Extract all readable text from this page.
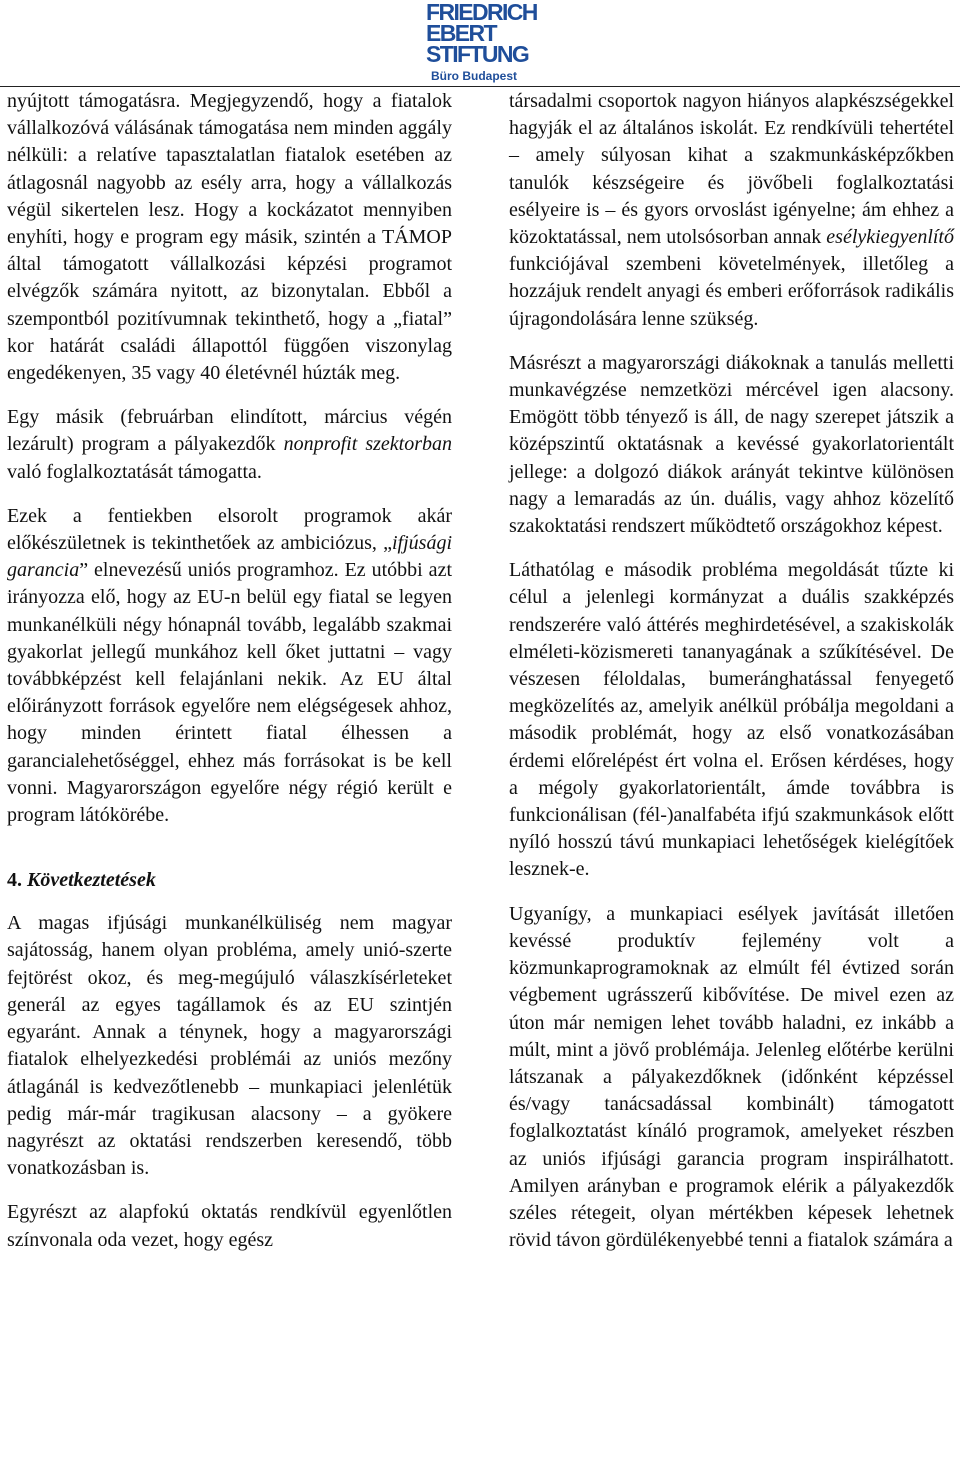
FRIEDRICH
EBERT
STIFTUNG
Büro Budapest

nyújtott támogatásra. Megjegyzendő, hogy a fiatalok vállalkozóvá válásának támogatása nem minden aggály nélküli: a relatíve tapasztalatlan fiatalok esetében az átlagosnál nagyobb az esély arra, hogy a vállalkozás végül sikertelen lesz. Hogy a kockázatot mennyiben enyhíti, hogy e program egy másik, szintén a TÁMOP által támogatott vállalkozási képzési programot elvégzők számára nyitott, az bizonytalan. Ebből a szempontból pozitívumnak tekinthető, hogy a „fiatal” kor határát családi állapottól függően viszonylag engedékenyen, 35 vagy 40 életévnél húzták meg.

Egy másik (februárban elindított, március végén lezárult) program a pályakezdők nonprofit szektorban való foglalkoztatását támogatta.

Ezek a fentiekben elsorolt programok akár előkészületnek is tekinthetőek az ambiciózus, „ifjúsági garancia” elnevezésű uniós programhoz. Ez utóbbi azt irányozza elő, hogy az EU-n belül egy fiatal se legyen munkanélküli négy hónapnál tovább, legalább szakmai gyakorlat jellegű munkához kell őket juttatni – vagy továbbképzést kell felajánlani nekik. Az EU által előirányzott források egyelőre nem elégségesek ahhoz, hogy minden érintett fiatal élhessen a garancialehetőséggel, ehhez más forrásokat is be kell vonni. Magyarországon egyelőre négy régió került e program látókörébe.

4. Következtetések

A magas ifjúsági munkanélküliség nem magyar sajátosság, hanem olyan probléma, amely unió-szerte fejtörést okoz, és meg-megújuló válaszkísérleteket generál az egyes tagállamok és az EU szintjén egyaránt. Annak a ténynek, hogy a magyarországi fiatalok elhelyezkedési problémái az uniós mezőny átlagánál is kedvezőtlenebb – munkapiaci jelenlétük pedig már-már tragikusan alacsony – a gyökere nagyrészt az oktatási rendszerben keresendő, több vonatkozásban is.

Egyrészt az alapfokú oktatás rendkívül egyenlőtlen színvonala oda vezet, hogy egész

társadalmi csoportok nagyon hiányos alapkészségekkel hagyják el az általános iskolát. Ez rendkívüli tehertétel – amely súlyosan kihat a szakmunkásképzőkben tanulók készségeire és jövőbeli foglalkoztatási esélyeire is – és gyors orvoslást igényelne; ám ehhez a közoktatással, nem utolsósorban annak esélykiegyenlítő funkciójával szembeni követelmények, illetőleg a hozzájuk rendelt anyagi és emberi erőforrások radikális újragondolására lenne szükség.

Másrészt a magyarországi diákoknak a tanulás melletti munkavégzése nemzetközi mércével igen alacsony. Emögött több tényező is áll, de nagy szerepet játszik a középszintű oktatásnak a kevéssé gyakorlatorientált jellege: a dolgozó diákok arányát tekintve különösen nagy a lemaradás az ún. duális, vagy ahhoz közelítő szakoktatási rendszert működtető országokhoz képest.

Láthatólag e második probléma megoldását tűzte ki célul a jelenlegi kormányzat a duális szakképzés rendszerére való áttérés meghirdetésével, a szakiskolák elméleti-közismereti tananyagának a szűkítésével. De vészesen féloldalas, bumeránghatással fenyegető megközelítés az, amelyik anélkül próbálja megoldani a második problémát, hogy az első vonatkozásában érdemi előrelépést ért volna el. Erősen kérdéses, hogy a mégoly gyakorlatorientált, ámde továbbra is funkcionálisan (fél-)analfabéta ifjú szakmunkások előtt nyíló hosszú távú munkapiaci lehetőségek kielégítőek lesznek-e.

Ugyanígy, a munkapiaci esélyek javítását illetően kevéssé produktív fejlemény volt a közmunkaprogramoknak az elmúlt fél évtized során végbement ugrásszerű kibővítése. De mivel ezen az úton már nemigen lehet tovább haladni, ez inkább a múlt, mint a jövő problémája. Jelenleg előtérbe kerülni látszanak a pályakezdőknek (időnként képzéssel és/vagy tanácsadással kombinált) támogatott foglalkoztatást kínáló programok, amelyeket részben az uniós ifjúsági garancia program inspirálhatott. Amilyen arányban e programok elérik a pályakezdők széles rétegeit, olyan mértékben képesek lehetnek rövid távon gördülékenyebbé tenni a fiatalok számára a
